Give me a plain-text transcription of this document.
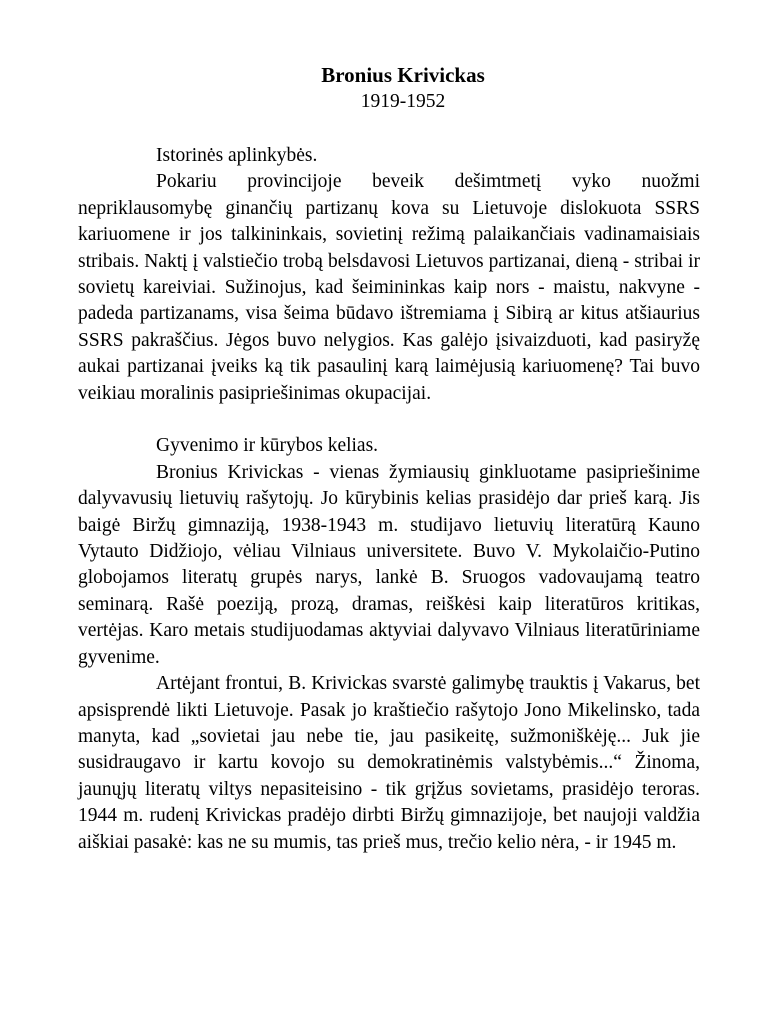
Bronius Krivickas

1919-1952

Istorinės aplinkybės.

Pokariu provincijoje beveik dešimtmetį vyko nuožmi nepriklausomybę ginančių partizanų kova su Lietuvoje dislokuota SSRS kariuomene ir jos talkininkais, sovietinį režimą palaikančiais vadinamaisiais stribais. Naktį į valstiečio trobą belsdavosi Lietuvos partizanai, dieną - stribai ir sovietų kareiviai. Sužinojus, kad šeimininkas kaip nors - maistu, nakvyne - padeda partizanams, visa šeima būdavo ištremiama į Sibirą ar kitus atšiaurius SSRS pakraščius. Jėgos buvo nelygios. Kas galėjo įsivaizduoti, kad pasiryžę aukai partizanai įveiks ką tik pasaulinį karą laimėjusią kariuomenę? Tai buvo veikiau moralinis pasipriešinimas okupacijai.

Gyvenimo ir kūrybos kelias.

Bronius Krivickas - vienas žymiausių ginkluotame pasipriešinime dalyvavusių lietuvių rašytojų. Jo kūrybinis kelias prasidėjo dar prieš karą. Jis baigė Biržų gimnaziją, 1938-1943 m. studijavo lietuvių literatūrą Kauno Vytauto Didžiojo, vėliau Vilniaus universitete. Buvo V. Mykolaičio-Putino globojamos literatų grupės narys, lankė B. Sruogos vadovaujamą teatro seminarą. Rašė poeziją, prozą, dramas, reiškėsi kaip literatūros kritikas, vertėjas. Karo metais studijuodamas aktyviai dalyvavo Vilniaus literatūriniame gyvenime.

Artėjant frontui, B. Krivickas svarstė galimybę trauktis į Vakarus, bet apsisprendė likti Lietuvoje. Pasak jo kraštiečio rašytojo Jono Mikelinsko, tada manyta, kad „sovietai jau nebe tie, jau pasikeitę, sužmoniškėję... Juk jie susidraugavo ir kartu kovojo su demokratinėmis valstybėmis...“ Žinoma, jaunųjų literatų viltys nepasiteisino - tik grįžus sovietams, prasidėjo teroras. 1944 m. rudenį Krivickas pradėjo dirbti Biržų gimnazijoje, bet naujoji valdžia aiškiai pasakė: kas ne su mumis, tas prieš mus, trečio kelio nėra, - ir 1945 m.
